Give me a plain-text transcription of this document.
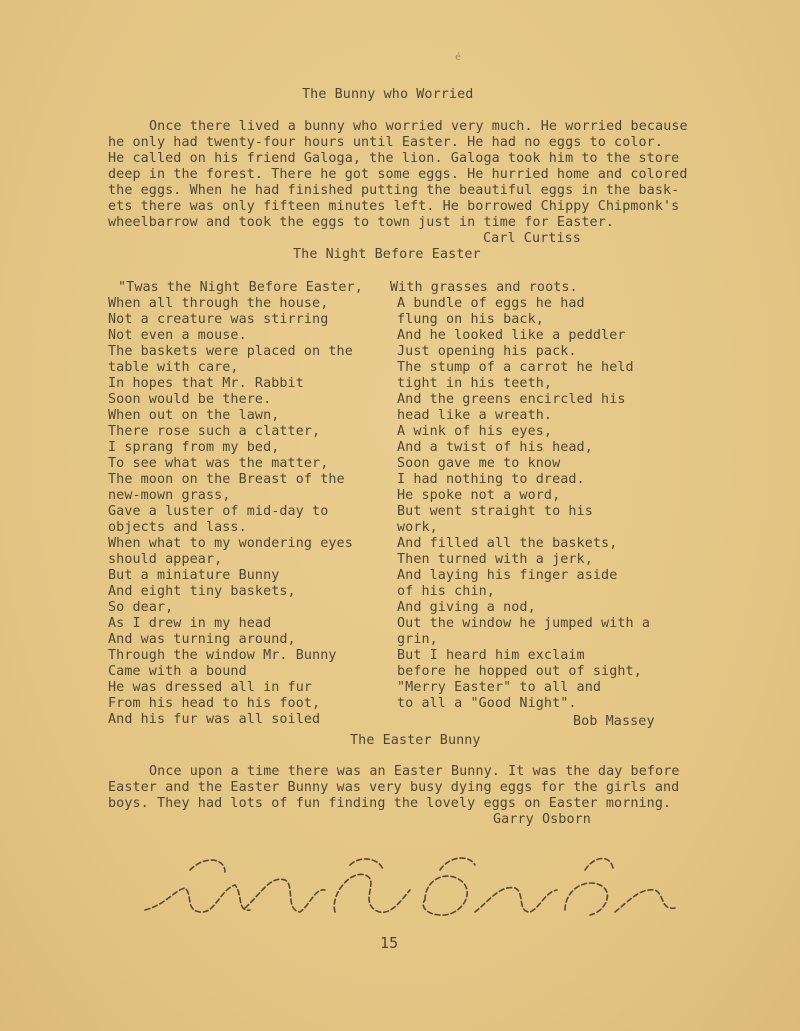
é
The Bunny who Worried
Once there lived a bunny who worried very much. He worried because
he only had twenty-four hours until Easter. He had no eggs to color.
He called on his friend Galoga, the lion. Galoga took him to the store
deep in the forest. There he got some eggs. He hurried home and colored
the eggs. When he had finished putting the beautiful eggs in the bask-
ets there was only fifteen minutes left. He borrowed Chippy Chipmonk's
wheelbarrow and took the eggs to town just in time for Easter.
Carl Curtiss
The Night Before Easter
"Twas the Night Before Easter,
When all through the house,
Not a creature was stirring
Not even a mouse.
The baskets were placed on the
table with care,
In hopes that Mr. Rabbit
Soon would be there.
When out on the lawn,
There rose such a clatter,
I sprang from my bed,
To see what was the matter,
The moon on the Breast of the
new-mown grass,
Gave a luster of mid-day to
objects and lass.
When what to my wondering eyes
should appear,
But a miniature Bunny
And eight tiny baskets,
So dear,
As I drew in my head
And was turning around,
Through the window Mr. Bunny
Came with a bound
He was dressed all in fur
From his head to his foot,
And his fur was all soiled
With grasses and roots.
A bundle of eggs he had
flung on his back,
And he looked like a peddler
Just opening his pack.
The stump of a carrot he held
tight in his teeth,
And the greens encircled his
head like a wreath.
A wink of his eyes,
And a twist of his head,
Soon gave me to know
I had nothing to dread.
He spoke not a word,
But went straight to his
work,
And filled all the baskets,
Then turned with a jerk,
And laying his finger aside
of his chin,
And giving a nod,
Out the window he jumped with a
grin,
But I heard him exclaim
before he hopped out of sight,
"Merry Easter" to all and
to all a "Good Night".
Bob Massey
The Easter Bunny
Once upon a time there was an Easter Bunny. It was the day before
Easter and the Easter Bunny was very busy dying eggs for the girls and
boys. They had lots of fun finding the lovely eggs on Easter morning.
Garry Osborn
15
